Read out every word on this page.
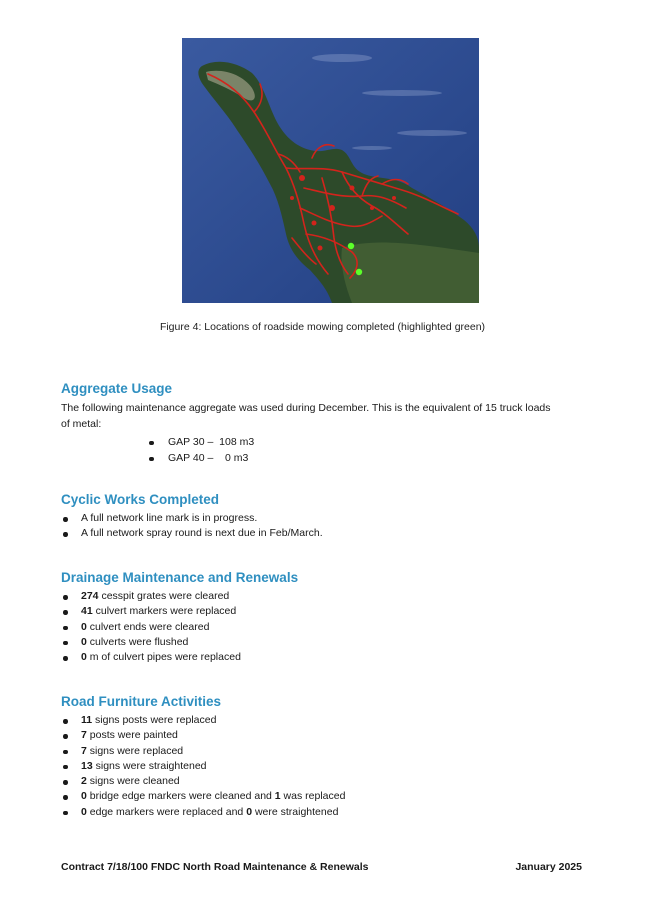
Figure 4: Locations of roadside mowing completed (highlighted green)
Aggregate Usage

The following maintenance aggregate was used during December. This is the equivalent of 15 truck loads of metal:

GAP 30 –  108 m3
GAP 40 –    0 m3
Cyclic Works Completed
A full network line mark is in progress.
A full network spray round is next due in Feb/March.
Drainage Maintenance and Renewals
274 cesspit grates were cleared
41 culvert markers were replaced
0 culvert ends were cleared
0 culverts were flushed
0 m of culvert pipes were replaced
Road Furniture Activities
11 signs posts were replaced
7 posts were painted
7 signs were replaced
13 signs were straightened
2 signs were cleaned
0 bridge edge markers were cleaned and 1 was replaced
0 edge markers were replaced and 0 were straightened
Contract 7/18/100 FNDC North Road Maintenance & Renewals	January 2025
